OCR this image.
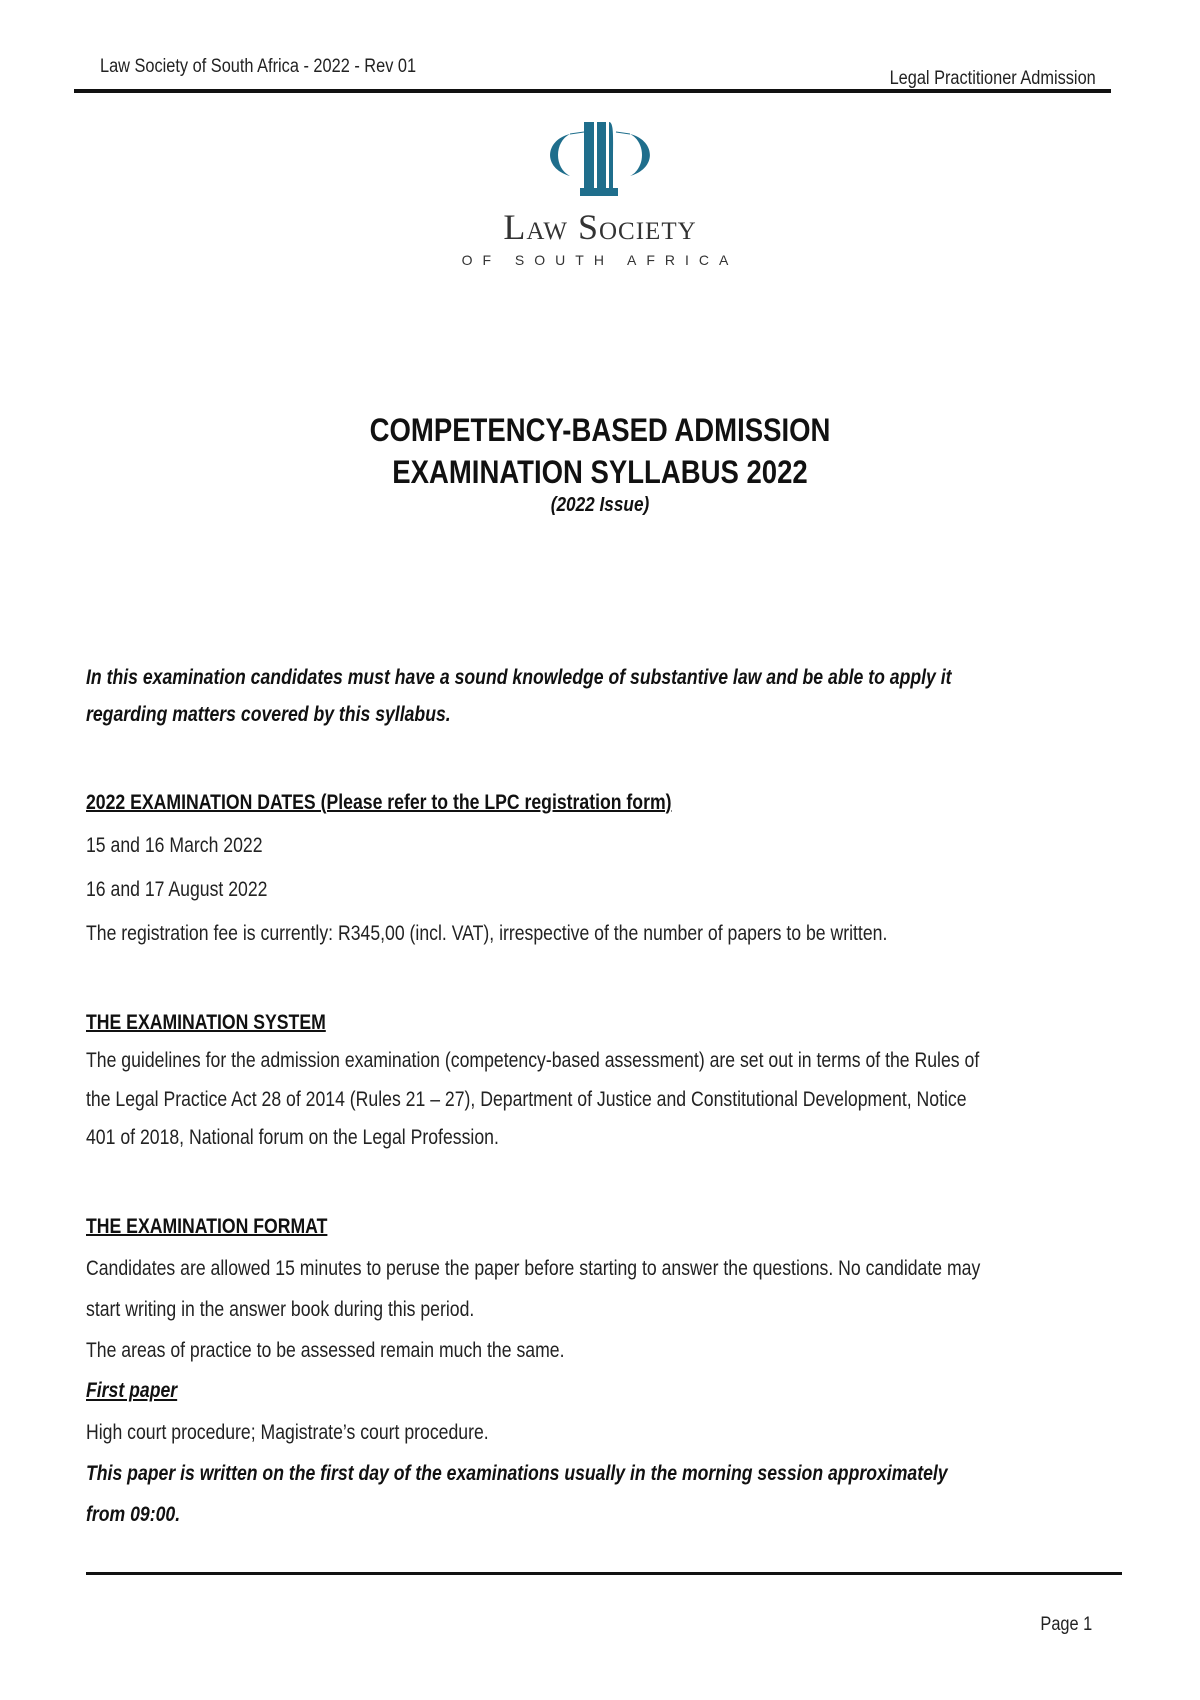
Law Society of South Africa - 2022 - Rev 01
Legal Practitioner Admission
Law Society
OF SOUTH AFRICA
COMPETENCY-BASED ADMISSION
EXAMINATION SYLLABUS 2022
(2022 Issue)
In this examination candidates must have a sound knowledge of substantive law and be able to apply it
regarding matters covered by this syllabus.
2022 EXAMINATION DATES (Please refer to the LPC registration form)
15 and 16 March 2022
16 and 17 August 2022
The registration fee is currently: R345,00 (incl. VAT), irrespective of the number of papers to be written.
THE EXAMINATION SYSTEM
The guidelines for the admission examination (competency-based assessment) are set out in terms of the Rules of
the Legal Practice Act 28 of 2014 (Rules 21 – 27), Department of Justice and Constitutional Development, Notice
401 of 2018, National forum on the Legal Profession.
THE EXAMINATION FORMAT
Candidates are allowed 15 minutes to peruse the paper before starting to answer the questions. No candidate may
start writing in the answer book during this period.
The areas of practice to be assessed remain much the same.
First paper
High court procedure; Magistrate’s court procedure.
This paper is written on the first day of the examinations usually in the morning session approximately
from 09:00.
Page 1
